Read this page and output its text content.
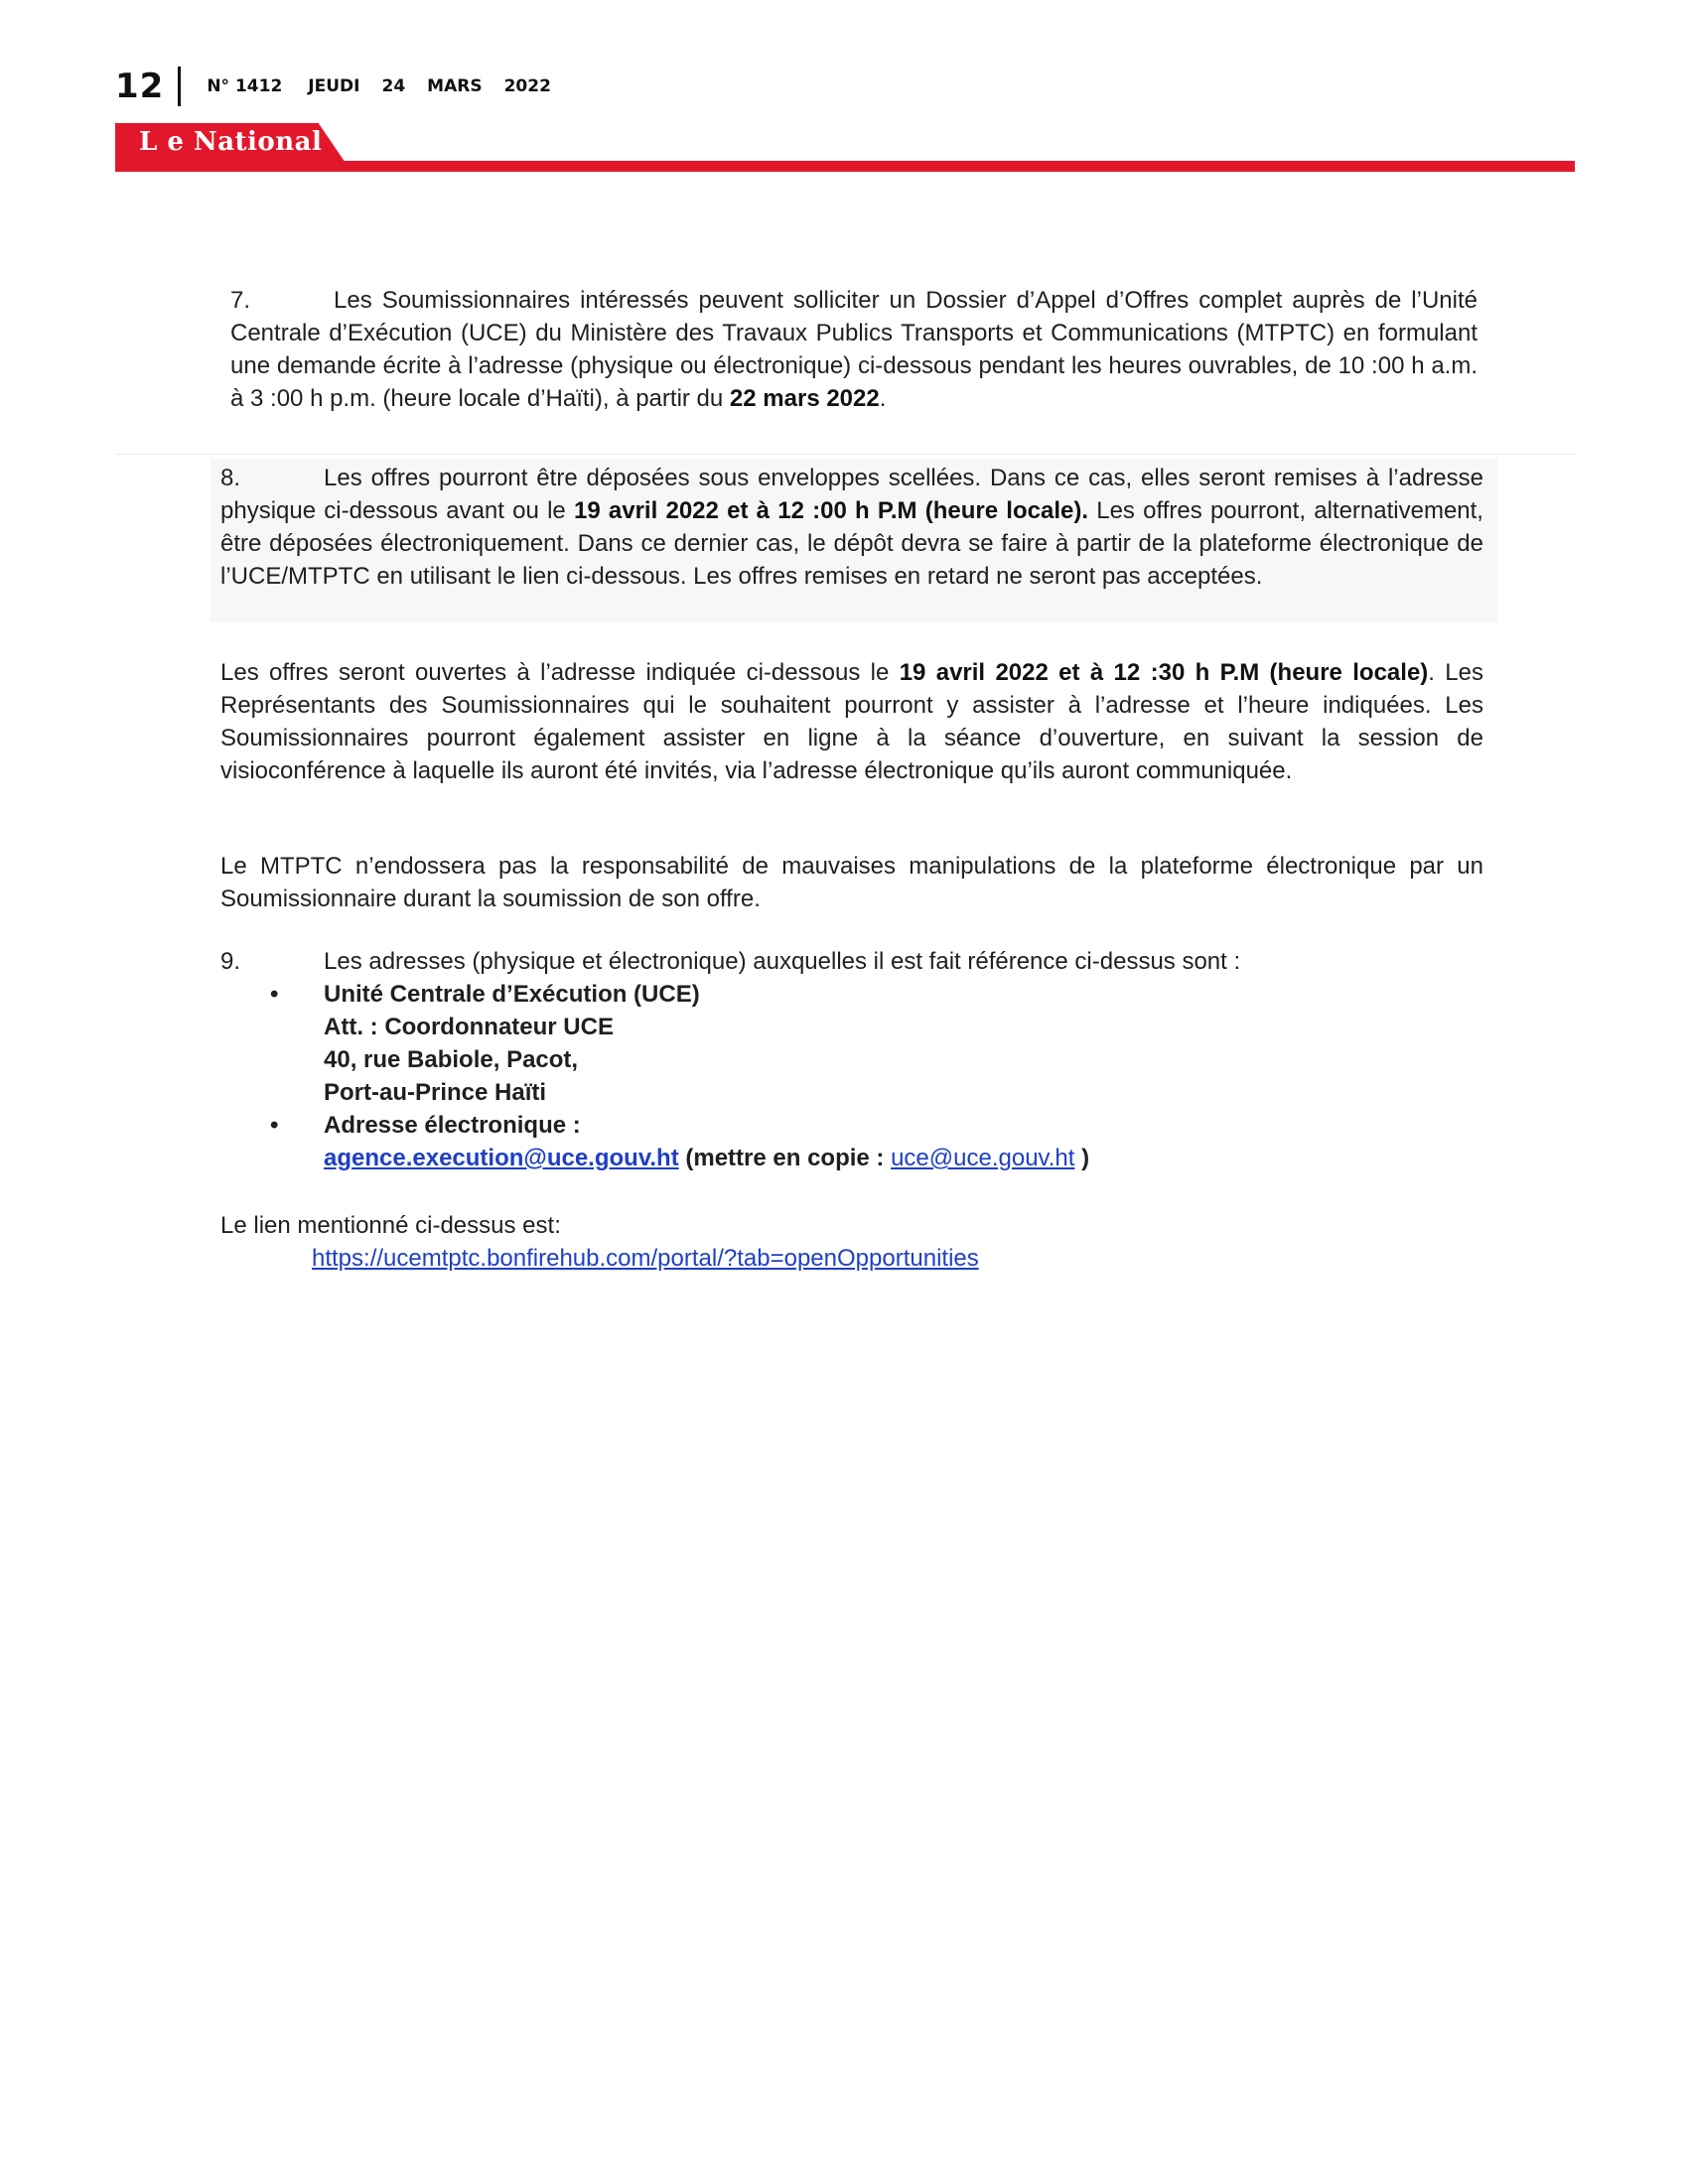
12	N° 1412 JEUDI 24 MARS 2022
L e National

7.	Les Soumissionnaires intéressés peuvent solliciter un Dossier d’Appel d’Offres complet auprès de l’Unité Centrale d’Exécution (UCE) du Ministère des Travaux Publics Transports et Communications (MTPTC) en formulant une demande écrite à l’adresse (physique ou électronique) ci-dessous pendant les heures ouvrables, de 10 :00 h a.m. à 3 :00 h p.m. (heure locale d’Haïti), à partir du 22 mars 2022.

8.	Les offres pourront être déposées sous enveloppes scellées. Dans ce cas, elles seront remises à l’adresse physique ci-dessous avant ou le 19 avril 2022 et à 12 :00 h P.M (heure locale). Les offres pourront, alternativement, être déposées électroniquement. Dans ce dernier cas, le dépôt devra se faire à partir de la plateforme électronique de l’UCE/MTPTC en utilisant le lien ci-dessous. Les offres remises en retard ne seront pas acceptées.

Les offres seront ouvertes à l’adresse indiquée ci-dessous le 19 avril 2022 et à 12 :30 h P.M (heure locale). Les Représentants des Soumissionnaires qui le souhaitent pourront y assister à l’adresse et l’heure indiquées. Les Soumissionnaires pourront également assister en ligne à la séance d’ouverture, en suivant la session de visioconférence à laquelle ils auront été invités, via l’adresse électronique qu’ils auront communiquée.

Le MTPTC n’endossera pas la responsabilité de mauvaises manipulations de la plateforme électronique par un Soumissionnaire durant la soumission de son offre.

9.	Les adresses (physique et électronique) auxquelles il est fait référence ci-dessus sont :
• Unité Centrale d’Exécution (UCE)
Att. : Coordonnateur UCE
40, rue Babiole, Pacot,
Port-au-Prince Haïti
• Adresse électronique :
agence.execution@uce.gouv.ht (mettre en copie : uce@uce.gouv.ht )
Le lien mentionné ci-dessus est:
https://ucemtptc.bonfirehub.com/portal/?tab=openOpportunities
